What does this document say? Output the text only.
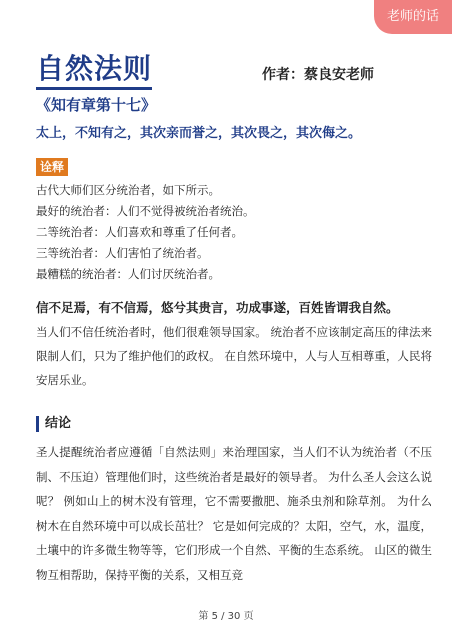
老师的话
自然法则	作者：蔡良安老师
《知有章第十七》
太上，不知有之，其次亲而誉之，其次畏之，其次侮之。
诠释
古代大师们区分统治者，如下所示。
最好的统治者：人们不觉得被统治者统治。
二等统治者：人们喜欢和尊重了任何者。
三等统治者：人们害怕了统治者。
最糟糕的统治者：人们讨厌统治者。
信不足焉，有不信焉，悠兮其贵言，功成事遂，百姓皆谓我自然。
当人们不信任统治者时，他们很难领导国家。 统治者不应该制定高压的律法来限制人们，只为了维护他们的政权。 在自然环境中，人与人互相尊重，人民将安居乐业。
结论
圣人提醒统治者应遵循「自然法则」来治理国家，当人们不认为统治者（不压制、不压迫）管理他们时，这些统治者是最好的领导者。 为什么圣人会这么说呢？ 例如山上的树木没有管理，它不需要撒肥、施杀虫剂和除草剂。 为什么树木在自然环境中可以成长茁壮？ 它是如何完成的？太阳，空气，水，温度，土壤中的许多微生物等等，它们形成一个自然、平衡的生态系统。 山区的微生物互相帮助，保持平衡的关系，又相互竞
第 5 / 30 页
